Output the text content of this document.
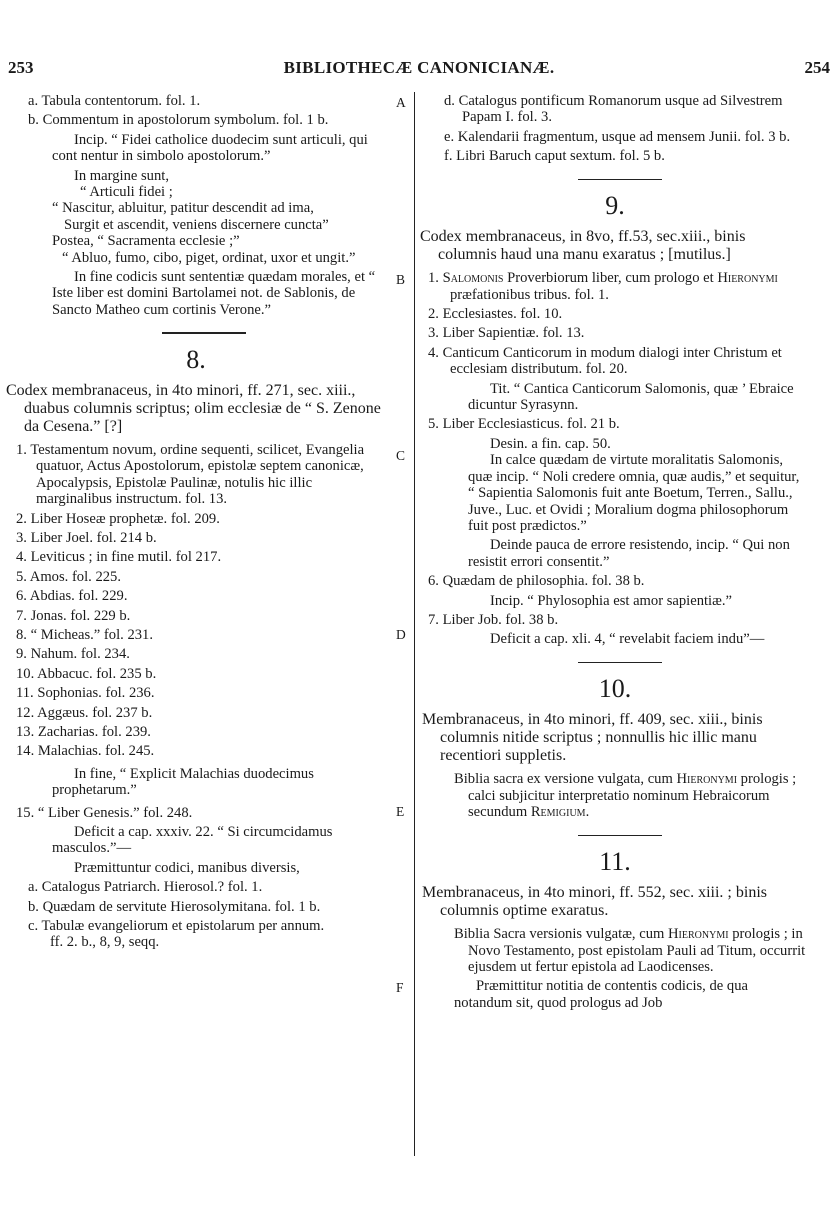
253	BIBLIOTHECÆ CANONICIANÆ.	254
A
B
C
D
E
F

a. Tabula contentorum. fol. 1.

b. Commentum in apostolorum symbolum. fol. 1 b.

Incip. “ Fidei catholice duodecim sunt articuli, qui cont nentur in simbolo apostolorum.”

In margine sunt,

“ Articuli fidei ;

“ Nascitur, abluitur, patitur descendit ad ima,

Surgit et ascendit, veniens discernere cuncta”

Postea, “ Sacramenta ecclesie ;”

“ Abluo, fumo, cibo, piget, ordinat, uxor et ungit.”

In fine codicis sunt sententiæ quædam morales, et “ Iste liber est domini Bartolamei not. de Sablonis, de Sancto Matheo cum cortinis Verone.”

8.

Codex membranaceus, in 4to minori, ff. 271, sec. xiii., duabus columnis scriptus; olim ecclesiæ de “ S. Zenone da Cesena.” [?]

1. Testamentum novum, ordine sequenti, scilicet, Evangelia quatuor, Actus Apostolorum, epistolæ septem canonicæ, Apocalypsis, Epistolæ Paulinæ, notulis hic illic marginalibus instructum. fol. 13.

2. Liber Hoseæ prophetæ. fol. 209.

3. Liber Joel. fol. 214 b.

4. Leviticus ; in fine mutil. fol 217.

5. Amos. fol. 225.

6. Abdias. fol. 229.

7. Jonas. fol. 229 b.

8. “ Micheas.” fol. 231.

9. Nahum. fol. 234.

10. Abbacuc. fol. 235 b.

11. Sophonias. fol. 236.

12. Aggæus. fol. 237 b.

13. Zacharias. fol. 239.

14. Malachias. fol. 245.

In fine, “ Explicit Malachias duodecimus prophetarum.”

15. “ Liber Genesis.” fol. 248.

Deficit a cap. xxxiv. 22. “ Si circumcidamus masculos.”—

Præmittuntur codici, manibus diversis,

a. Catalogus Patriarch. Hierosol.? fol. 1.

b. Quædam de servitute Hierosolymitana. fol. 1 b.

c. Tabulæ evangeliorum et epistolarum per annum.

ff. 2. b., 8, 9, seqq.

d. Catalogus pontificum Romanorum usque ad Silvestrem Papam I. fol. 3.

e. Kalendarii fragmentum, usque ad mensem Junii. fol. 3 b.

f. Libri Baruch caput sextum. fol. 5 b.

9.

Codex membranaceus, in 8vo, ff.53, sec.xiii., binis columnis haud una manu exaratus ; [mutilus.]

1. Salomonis Proverbiorum liber, cum prologo et Hieronymi præfationibus tribus. fol. 1.

2. Ecclesiastes. fol. 10.

3. Liber Sapientiæ. fol. 13.

4. Canticum Canticorum in modum dialogi inter Christum et ecclesiam distributum. fol. 20.

Tit. “ Cantica Canticorum Salomonis, quæ ’ Ebraice dicuntur Syrasynn.

5. Liber Ecclesiasticus. fol. 21 b.

Desin. a fin. cap. 50.

In calce quædam de virtute moralitatis Salomonis, quæ incip. “ Noli credere omnia, quæ audis,” et sequitur, “ Sapientia Salomonis fuit ante Boetum, Terren., Sallu., Juve., Luc. et Ovidi ; Moralium dogma philosophorum fuit post prædictos.”

Deinde pauca de errore resistendo, incip. “ Qui non resistit errori consentit.”

6. Quædam de philosophia. fol. 38 b.

Incip. “ Phylosophia est amor sapientiæ.”

7. Liber Job. fol. 38 b.

Deficit a cap. xli. 4, “ revelabit faciem indu”—

10.

Membranaceus, in 4to minori, ff. 409, sec. xiii., binis columnis nitide scriptus ; nonnullis hic illic manu recentiori suppletis.

Biblia sacra ex versione vulgata, cum Hieronymi prologis ; calci subjicitur interpretatio nominum Hebraicorum secundum Remigium.

11.

Membranaceus, in 4to minori, ff. 552, sec. xiii. ; binis columnis optime exaratus.

Biblia Sacra versionis vulgatæ, cum Hieronymi prologis ; in Novo Testamento, post epistolam Pauli ad Titum, occurrit ejusdem ut fertur epistola ad Laodicenses.

Præmittitur notitia de contentis codicis, de qua notandum sit, quod prologus ad Job
